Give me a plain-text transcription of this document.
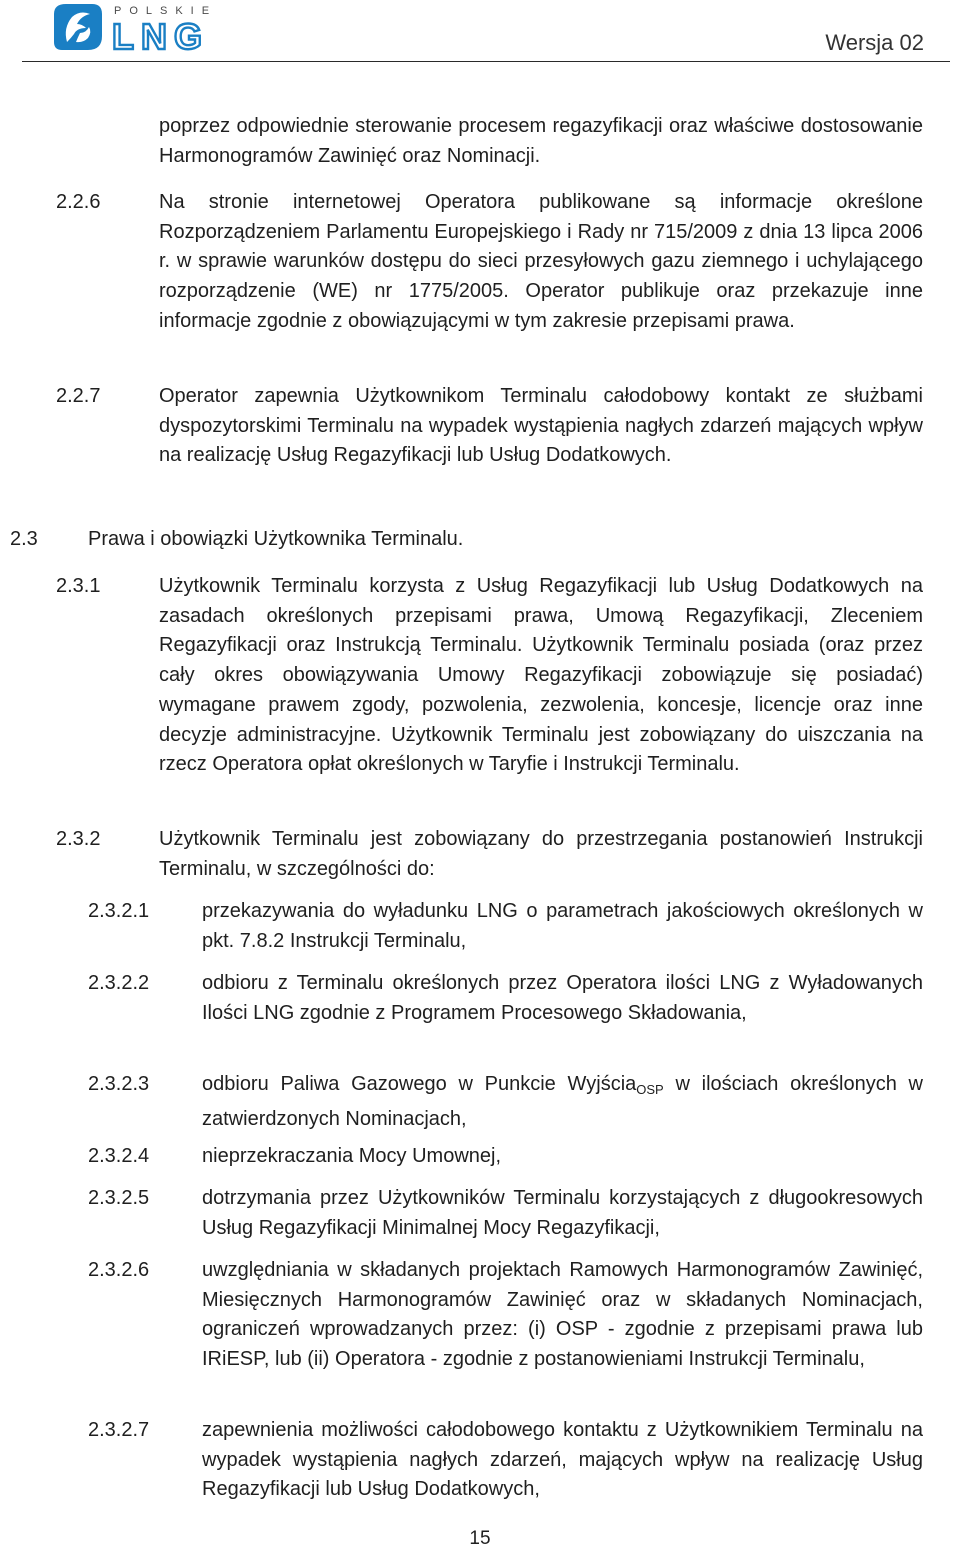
POLSKIE
LNG	Wersja 02
poprzez odpowiednie sterowanie procesem regazyfikacji oraz właściwe dostosowanie Harmonogramów Zawinięć oraz Nominacji.
2.2.6	Na stronie internetowej Operatora publikowane są informacje określone Rozporządzeniem Parlamentu Europejskiego i Rady nr 715/2009 z dnia 13 lipca 2006 r. w sprawie warunków dostępu do sieci przesyłowych gazu ziemnego i uchylającego rozporządzenie (WE) nr 1775/2005. Operator publikuje oraz przekazuje inne informacje zgodnie z obowiązującymi w tym zakresie przepisami prawa.
2.2.7	Operator zapewnia Użytkownikom Terminalu całodobowy kontakt ze służbami dyspozytorskimi Terminalu na wypadek wystąpienia nagłych zdarzeń mających wpływ na realizację Usług Regazyfikacji lub Usług Dodatkowych.
2.3	Prawa i obowiązki Użytkownika Terminalu.
2.3.1	Użytkownik Terminalu korzysta z Usług Regazyfikacji lub Usług Dodatkowych na zasadach określonych przepisami prawa, Umową Regazyfikacji, Zleceniem Regazyfikacji oraz Instrukcją Terminalu. Użytkownik Terminalu posiada (oraz przez cały okres obowiązywania Umowy Regazyfikacji zobowiązuje się posiadać) wymagane prawem zgody, pozwolenia, zezwolenia, koncesje, licencje oraz inne decyzje administracyjne. Użytkownik Terminalu jest zobowiązany do uiszczania na rzecz Operatora opłat określonych w Taryfie i Instrukcji Terminalu.
2.3.2	Użytkownik Terminalu jest zobowiązany do przestrzegania postanowień Instrukcji Terminalu, w szczególności do:
2.3.2.1	przekazywania do wyładunku LNG o parametrach jakościowych określonych w pkt. 7.8.2 Instrukcji Terminalu,
2.3.2.2	odbioru z Terminalu określonych przez Operatora ilości LNG z Wyładowanych Ilości LNG zgodnie z Programem Procesowego Składowania,
2.3.2.3	odbioru Paliwa Gazowego w Punkcie Wyjścia$_{OSP}$ w ilościach określonych w zatwierdzonych Nominacjach,
2.3.2.4	nieprzekraczania Mocy Umownej,
2.3.2.5	dotrzymania przez Użytkowników Terminalu korzystających z długookresowych Usług Regazyfikacji Minimalnej Mocy Regazyfikacji,
2.3.2.6	uwzględniania w składanych projektach Ramowych Harmonogramów Zawinięć, Miesięcznych Harmonogramów Zawinięć oraz w składanych Nominacjach, ograniczeń wprowadzanych przez: (i) OSP - zgodnie z przepisami prawa lub IRiESP, lub (ii) Operatora - zgodnie z postanowieniami Instrukcji Terminalu,
2.3.2.7	zapewnienia możliwości całodobowego kontaktu z Użytkownikiem Terminalu na wypadek wystąpienia nagłych zdarzeń, mających wpływ na realizację Usług Regazyfikacji lub Usług Dodatkowych,
15
